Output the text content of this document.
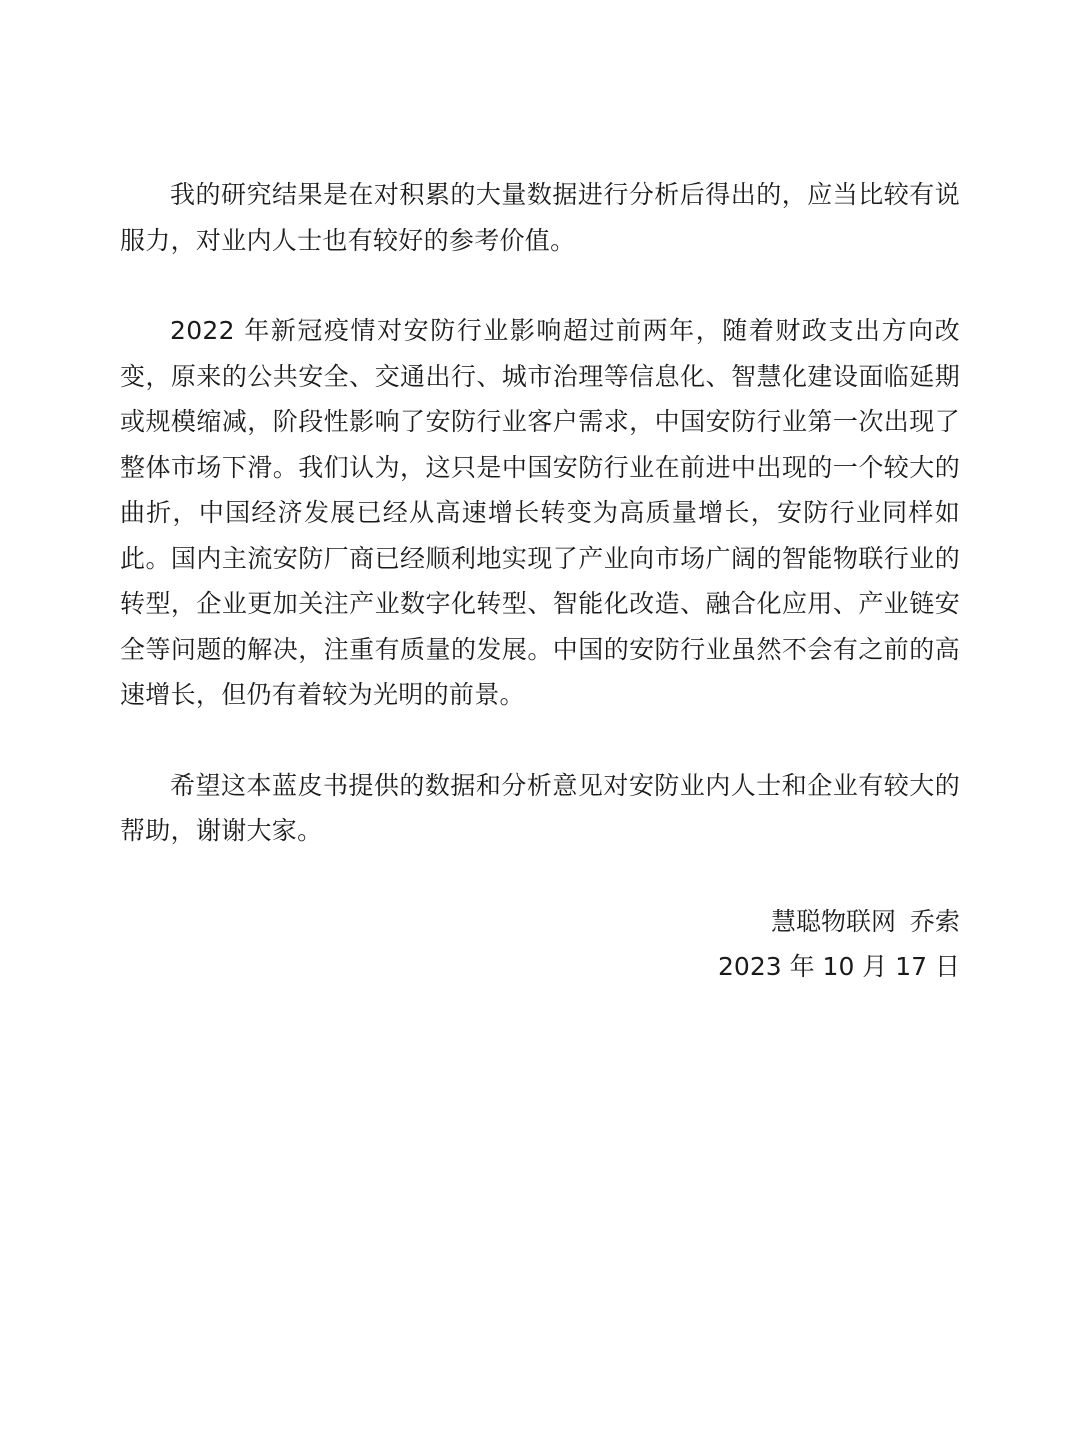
我的研究结果是在对积累的大量数据进行分析后得出的，应当比较有说服力，对业内人士也有较好的参考价值。

2022 年新冠疫情对安防行业影响超过前两年，随着财政支出方向改变，原来的公共安全、交通出行、城市治理等信息化、智慧化建设面临延期或规模缩减，阶段性影响了安防行业客户需求，中国安防行业第一次出现了整体市场下滑。我们认为，这只是中国安防行业在前进中出现的一个较大的曲折，中国经济发展已经从高速增长转变为高质量增长，安防行业同样如此。国内主流安防厂商已经顺利地实现了产业向市场广阔的智能物联行业的转型，企业更加关注产业数字化转型、智能化改造、融合化应用、产业链安全等问题的解决，注重有质量的发展。中国的安防行业虽然不会有之前的高速增长，但仍有着较为光明的前景。

希望这本蓝皮书提供的数据和分析意见对安防业内人士和企业有较大的帮助，谢谢大家。

慧聪物联网 乔索
2023 年 10 月 17 日
